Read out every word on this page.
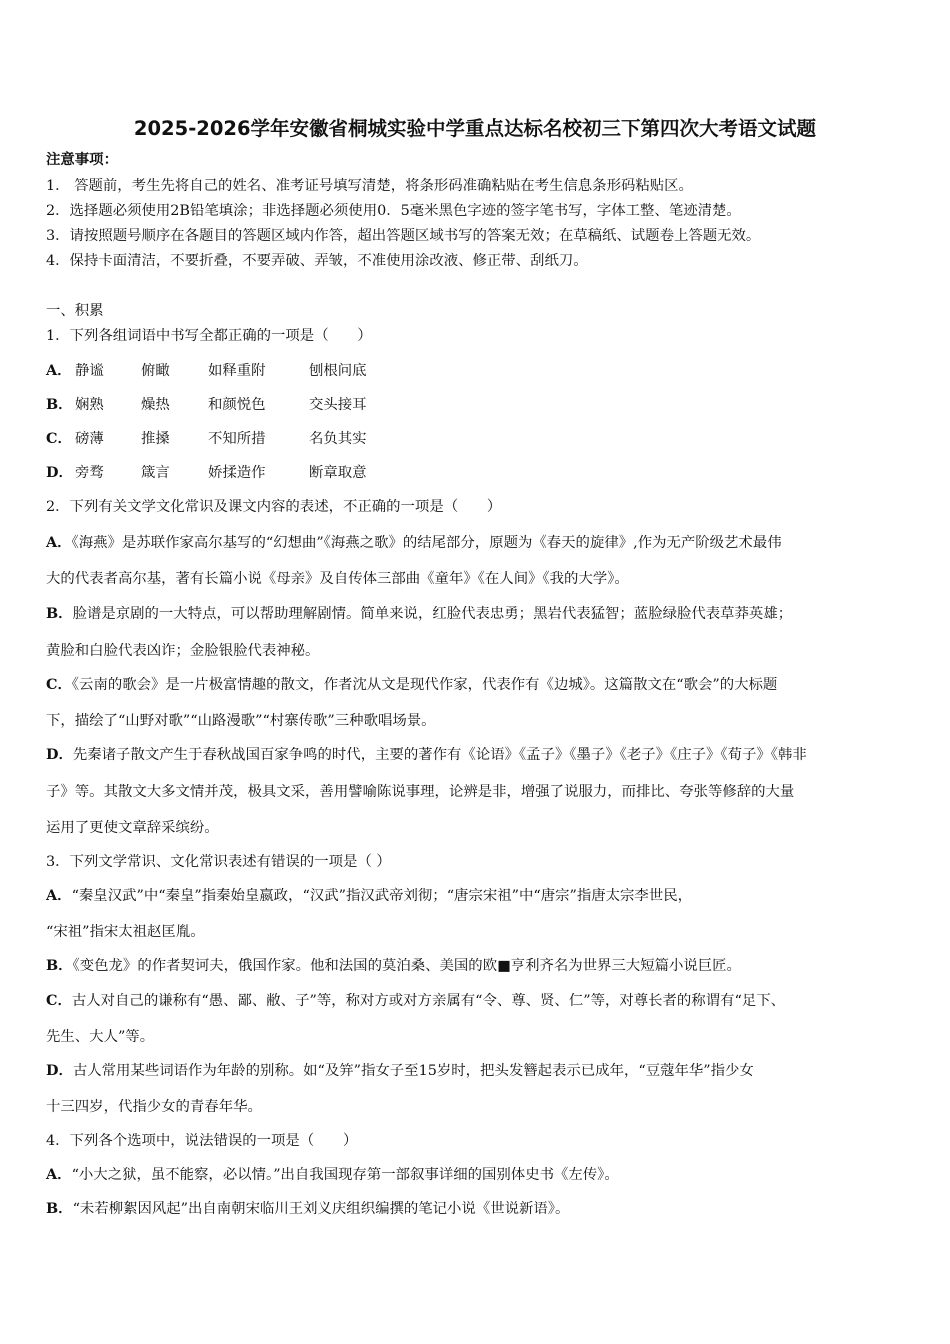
2025-2026学年安徽省桐城实验中学重点达标名校初三下第四次大考语文试题
注意事项：
1． 答题前，考生先将自己的姓名、准考证号填写清楚，将条形码准确粘贴在考生信息条形码粘贴区。
2．选择题必须使用2B铅笔填涂；非选择题必须使用0．5毫米黑色字迹的签字笔书写，字体工整、笔迹清楚。
3．请按照题号顺序在各题目的答题区域内作答，超出答题区域书写的答案无效；在草稿纸、试题卷上答题无效。
4．保持卡面清洁，不要折叠，不要弄破、弄皱，不准使用涂改液、修正带、刮纸刀。
一、积累
1．下列各组词语中书写全都正确的一项是（　　）
A． 静谧	俯瞰	如释重附	刨根问底
B． 娴熟	燥热	和颜悦色	交头接耳
C． 磅薄	推搡	不知所措	名负其实
D． 旁骛	箴言	娇揉造作	断章取意
2．下列有关文学文化常识及课文内容的表述，不正确的一项是（　　）
A．《海燕》是苏联作家高尔基写的“幻想曲”《海燕之歌》的结尾部分，原题为《春天的旋律》,作为无产阶级艺术最伟
大的代表者高尔基，著有长篇小说《母亲》及自传体三部曲《童年》《在人间》《我的大学》。
B．脸谱是京剧的一大特点，可以帮助理解剧情。简单来说，红脸代表忠勇；黑岩代表猛智；蓝脸绿脸代表草莽英雄；
黄脸和白脸代表凶诈；金脸银脸代表神秘。
C．《云南的歌会》是一片极富情趣的散文，作者沈从文是现代作家，代表作有《边城》。这篇散文在“歌会”的大标题
下，描绘了“山野对歌”“山路漫歌”“村寨传歌”三种歌唱场景。
D．先秦诸子散文产生于春秋战国百家争鸣的时代，主要的著作有《论语》《孟子》《墨子》《老子》《庄子》《荀子》《韩非
子》等。其散文大多文情并茂，极具文采，善用譬喻陈说事理，论辨是非，增强了说服力，而排比、夸张等修辞的大量
运用了更使文章辞采缤纷。
3．下列文学常识、文化常识表述有错误的一项是（ ）
A．“秦皇汉武”中“秦皇”指秦始皇嬴政，“汉武”指汉武帝刘彻；“唐宗宋祖”中“唐宗”指唐太宗李世民，
“宋祖”指宋太祖赵匡胤。
B．《变色龙》的作者契诃夫，俄国作家。他和法国的莫泊桑、美国的欧■亨利齐名为世界三大短篇小说巨匠。
C．古人对自己的谦称有“愚、鄙、敝、子”等，称对方或对方亲属有“令、尊、贤、仁”等，对尊长者的称谓有“足下、
先生、大人”等。
D．古人常用某些词语作为年龄的别称。如“及笄”指女子至15岁时，把头发簪起表示已成年，“豆蔻年华”指少女
十三四岁，代指少女的青春年华。
4．下列各个选项中，说法错误的一项是（　　）
A．“小大之狱，虽不能察，必以情。”出自我国现存第一部叙事详细的国别体史书《左传》。
B．“未若柳絮因风起”出自南朝宋临川王刘义庆组织编撰的笔记小说《世说新语》。
